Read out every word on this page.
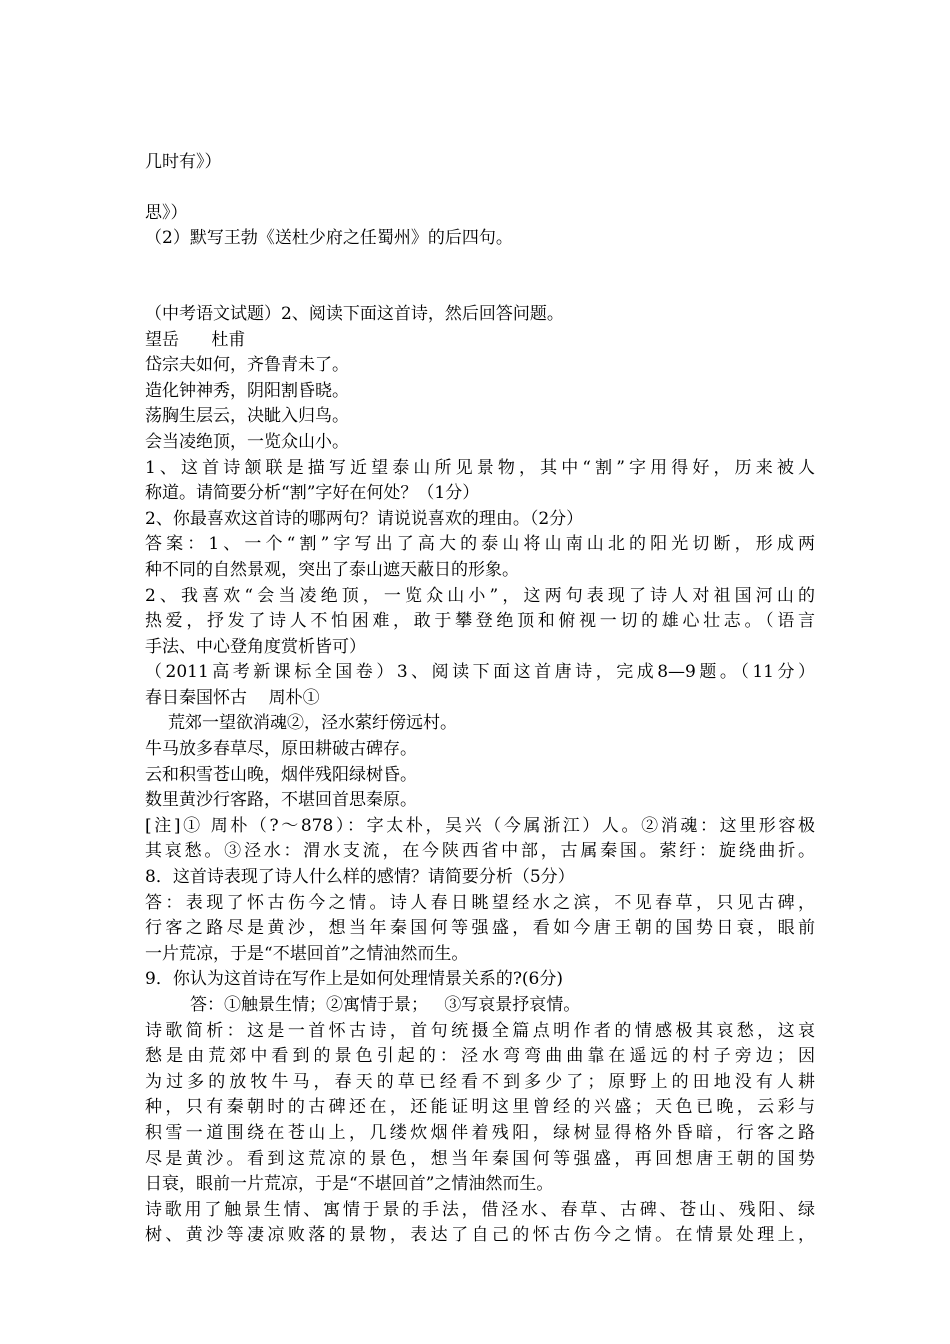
几时有》）

思》）
（2）默写王勃《送杜少府之任蜀州》的后四句。
（中考语文试题）2、阅读下面这首诗，然后回答问题。
望岳      杜甫
岱宗夫如何，齐鲁青未了。
造化钟神秀，阴阳割昏晓。
荡胸生层云，决眦入归鸟。
会当凌绝顶，一览众山小。
1、这首诗颔联是描写近望泰山所见景物，其中“割”字用得好，历来被人
称道。请简要分析“割”字好在何处？（1分）
2、你最喜欢这首诗的哪两句？请说说喜欢的理由。（2分）
答案：1、一个“割”字写出了高大的泰山将山南山北的阳光切断，形成两
种不同的自然景观，突出了泰山遮天蔽日的形象。
2、我喜欢“会当凌绝顶，一览众山小”，这两句表现了诗人对祖国河山的
热爱，抒发了诗人不怕困难，敢于攀登绝顶和俯视一切的雄心壮志。（语言
手法、中心登角度赏析皆可）
（2011高考新课标全国卷）3、阅读下面这首唐诗，完成8—9题。（11分）
春日秦国怀古    周朴①
荒郊一望欲消魂②，泾水萦纡傍远村。
牛马放多春草尽，原田耕破古碑存。
云和积雪苍山晚，烟伴残阳绿树昏。
数里黄沙行客路，不堪回首思秦原。
[注]① 周朴（?～878）：字太朴，吴兴（今属浙江）人。②消魂：这里形容极
其哀愁。③泾水：渭水支流，在今陕西省中部，古属秦国。萦纡：旋绕曲折。
8．这首诗表现了诗人什么样的感情？请简要分析（5分）
答：表现了怀古伤今之情。诗人春日眺望经水之滨，不见春草，只见古碑，
行客之路尽是黄沙，想当年秦国何等强盛，看如今唐王朝的国势日衰，眼前
一片荒凉，于是“不堪回首”之情油然而生。
9．你认为这首诗在写作上是如何处理情景关系的?(6分)
答：①触景生情；②寓情于景；   ③写哀景抒哀情。
诗歌简析：这是一首怀古诗，首句统摄全篇点明作者的情感极其哀愁，这哀
愁是由荒郊中看到的景色引起的：泾水弯弯曲曲靠在遥远的村子旁边；因
为过多的放牧牛马，春天的草已经看不到多少了；原野上的田地没有人耕
种，只有秦朝时的古碑还在，还能证明这里曾经的兴盛；天色已晚，云彩与
积雪一道围绕在苍山上，几缕炊烟伴着残阳，绿树显得格外昏暗，行客之路
尽是黄沙。看到这荒凉的景色，想当年秦国何等强盛，再回想唐王朝的国势
日衰，眼前一片荒凉，于是“不堪回首”之情油然而生。
诗歌用了触景生情、寓情于景的手法，借泾水、春草、古碑、苍山、残阳、绿
树、黄沙等凄凉败落的景物，表达了自己的怀古伤今之情。在情景处理上，
